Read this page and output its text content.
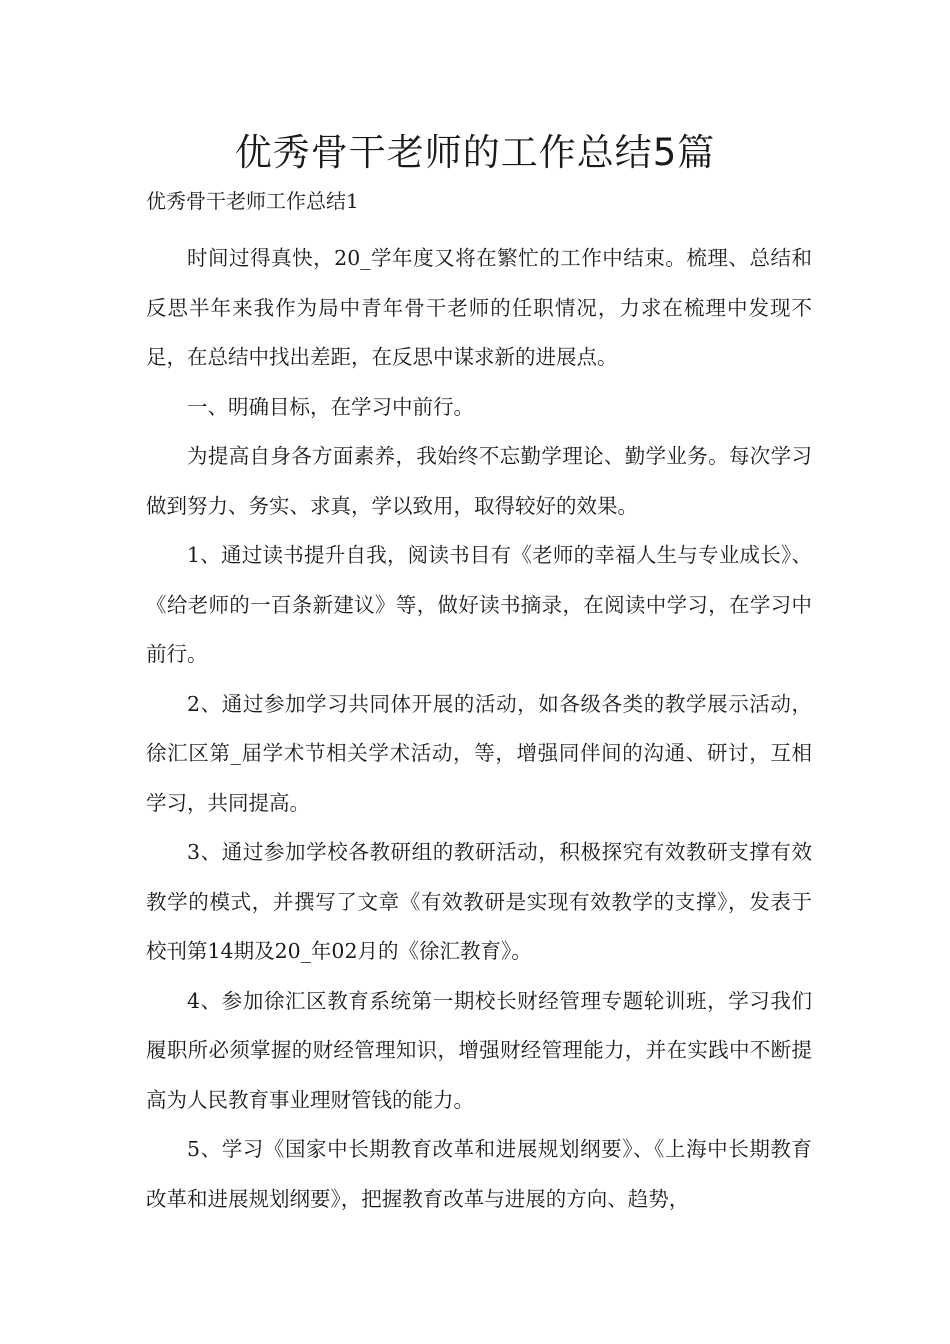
优秀骨干老师的工作总结5篇
优秀骨干老师工作总结1

时间过得真快，20_学年度又将在繁忙的工作中结束。梳理、总结和反思半年来我作为局中青年骨干老师的任职情况，力求在梳理中发现不足，在总结中找出差距，在反思中谋求新的进展点。

一、明确目标，在学习中前行。

为提高自身各方面素养，我始终不忘勤学理论、勤学业务。每次学习做到努力、务实、求真，学以致用，取得较好的效果。

1、通过读书提升自我，阅读书目有《老师的幸福人生与专业成长》、《给老师的一百条新建议》等，做好读书摘录，在阅读中学习，在学习中前行。

2、通过参加学习共同体开展的活动，如各级各类的教学展示活动，徐汇区第_届学术节相关学术活动，等，增强同伴间的沟通、研讨，互相学习，共同提高。

3、通过参加学校各教研组的教研活动，积极探究有效教研支撑有效教学的模式，并撰写了文章《有效教研是实现有效教学的支撑》，发表于校刊第14期及20_年02月的《徐汇教育》。

4、参加徐汇区教育系统第一期校长财经管理专题轮训班，学习我们履职所必须掌握的财经管理知识，增强财经管理能力，并在实践中不断提高为人民教育事业理财管钱的能力。

5、学习《国家中长期教育改革和进展规划纲要》、《上海中长期教育改革和进展规划纲要》，把握教育改革与进展的方向、趋势，
